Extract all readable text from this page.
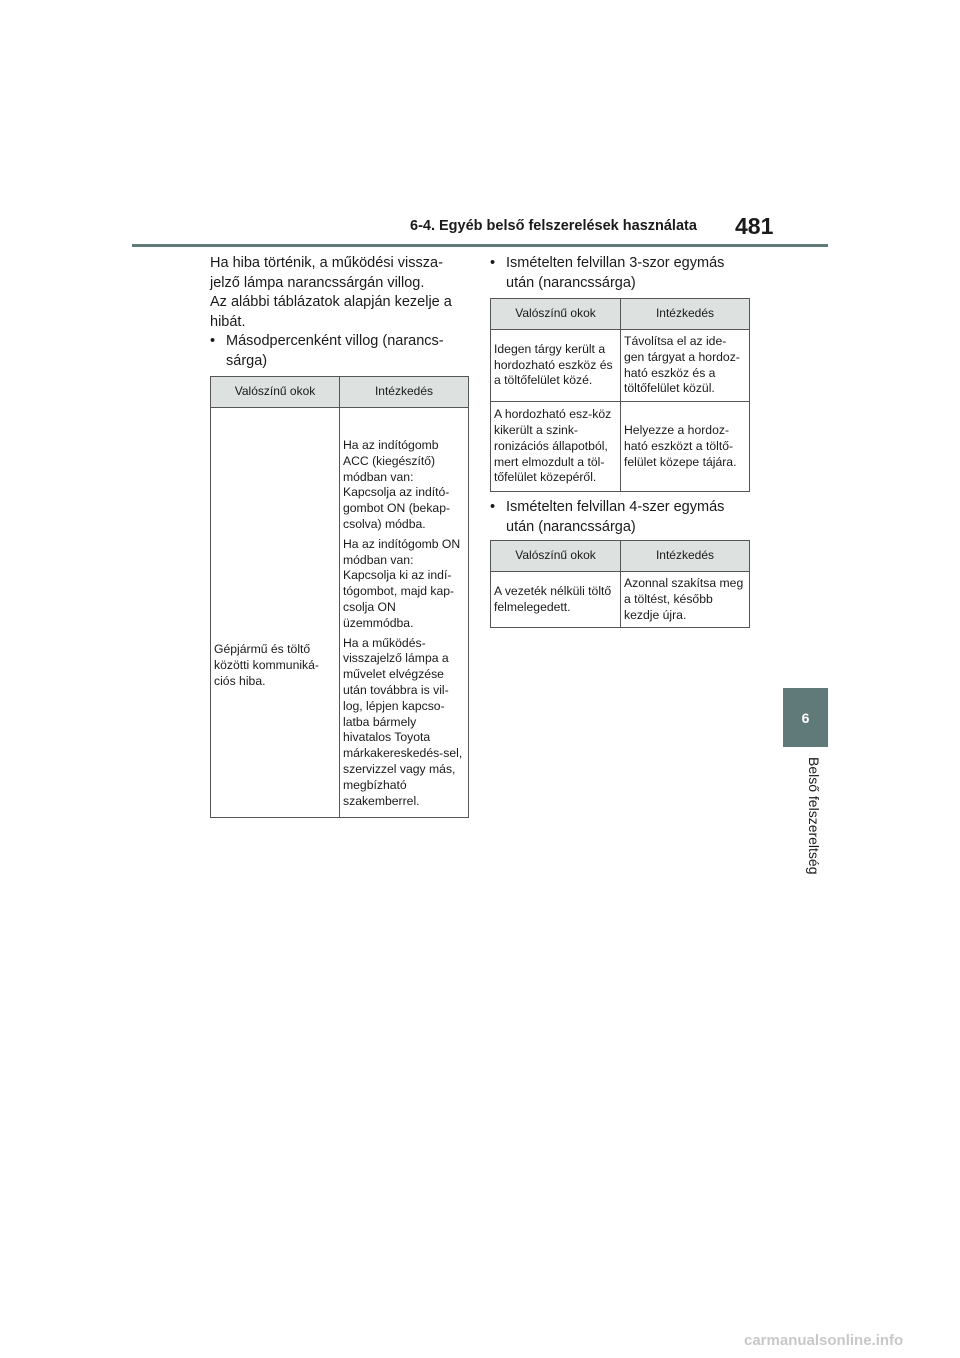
6-4. Egyéb belső felszerelések használata 481
6
Belső felszereltség

Ha hiba történik, a működési vissza-jelző lámpa narancssárgán villog.

Az alábbi táblázatok alapján kezelje a hibát.

• Másodpercenként villog (narancs-sárga)
Valószínű okok	Intézkedés
Gépjármű és töltő közötti kommuniká-ciós hiba.	Ha az indítógomb ACC (kiegészítő) módban van: Kapcsolja az indító-gombot ON (bekap-csolva) módba.

Ha az indítógomb ON módban van: Kapcsolja ki az indí-tógombot, majd kap-csolja ON üzemmódba.

Ha a működés-visszajelző lámpa a művelet elvégzése után továbbra is vil-log, lépjen kapcso-latba bármely hivatalos Toyota márkakereskedés-sel, szervizzel vagy más, megbízható szakemberrel.

• Ismételten felvillan 3-szor egymás után (narancssárga)
Valószínű okok	Intézkedés
Idegen tárgy került a hordozható eszköz és a töltőfelület közé.	Távolítsa el az ide-gen tárgyat a hordoz-ható eszköz és a töltőfelület közül.
A hordozható esz-köz kikerült a szink-ronizációs állapotból, mert elmozdult a töl-tőfelület közepéről.	Helyezze a hordoz-ható eszközt a töltő-felület közepe tájára.
• Ismételten felvillan 4-szer egymás után (narancssárga)
Valószínű okok	Intézkedés
A vezeték nélküli töltő felmelegedett.	Azonnal szakítsa meg a töltést, később kezdje újra.
carmanualsonline.info
